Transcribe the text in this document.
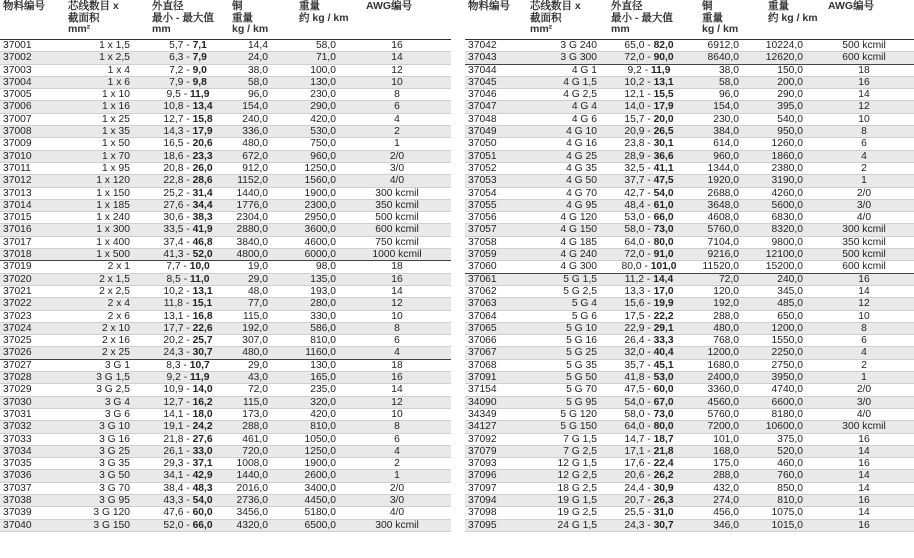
物料编号 芯线数目 x
截面积
mm²
外直径
最小 - 最大值
mm
铜
重量
kg / km
重量
约 kg / km
AWG编号
37001	1 x 1,5	5,7 - 7,1	14,4	58,0	16
37002	1 x 2,5	6,3 - 7,9	24,0	71,0	14
37003	1 x 4	7,2 - 9,0	38,0	100,0	12
37004	1 x 6	7,9 - 9,8	58,0	130,0	10
37005	1 x 10	9,5 - 11,9	96,0	230,0	8
37006	1 x 16	10,8 - 13,4	154,0	290,0	6
37007	1 x 25	12,7 - 15,8	240,0	420,0	4
37008	1 x 35	14,3 - 17,9	336,0	530,0	2
37009	1 x 50	16,5 - 20,6	480,0	750,0	1
37010	1 x 70	18,6 - 23,3	672,0	960,0	2/0
37011	1 x 95	20,8 - 26,0	912,0	1250,0	3/0
37012	1 x 120	22,8 - 28,6	1152,0	1560,0	4/0
37013	1 x 150	25,2 - 31,4	1440,0	1900,0	300 kcmil
37014	1 x 185	27,6 - 34,4	1776,0	2300,0	350 kcmil
37015	1 x 240	30,6 - 38,3	2304,0	2950,0	500 kcmil
37016	1 x 300	33,5 - 41,9	2880,0	3600,0	600 kcmil
37017	1 x 400	37,4 - 46,8	3840,0	4600,0	750 kcmil
37018	1 x 500	41,3 - 52,0	4800,0	6000,0	1000 kcmil
37019	2 x 1	7,7 - 10,0	19,0	98,0	18
37020	2 x 1,5	8,5 - 11,0	29,0	135,0	16
37021	2 x 2,5	10,2 - 13,1	48,0	193,0	14
37022	2 x 4	11,8 - 15,1	77,0	280,0	12
37023	2 x 6	13,1 - 16,8	115,0	330,0	10
37024	2 x 10	17,7 - 22,6	192,0	586,0	8
37025	2 x 16	20,2 - 25,7	307,0	810,0	6
37026	2 x 25	24,3 - 30,7	480,0	1160,0	4
37027	3 G 1	8,3 - 10,7	29,0	130,0	18
37028	3 G 1,5	9,2 - 11,9	43,0	165,0	16
37029	3 G 2,5	10,9 - 14,0	72,0	235,0	14
37030	3 G 4	12,7 - 16,2	115,0	320,0	12
37031	3 G 6	14,1 - 18,0	173,0	420,0	10
37032	3 G 10	19,1 - 24,2	288,0	810,0	8
37033	3 G 16	21,8 - 27,6	461,0	1050,0	6
37034	3 G 25	26,1 - 33,0	720,0	1250,0	4
37035	3 G 35	29,3 - 37,1	1008,0	1900,0	2
37036	3 G 50	34,1 - 42,9	1440,0	2600,0	1
37037	3 G 70	38,4 - 48,3	2016,0	3400,0	2/0
37038	3 G 95	43,3 - 54,0	2736,0	4450,0	3/0
37039	3 G 120	47,6 - 60,0	3456,0	5180,0	4/0
37040	3 G 150	52,0 - 66,0	4320,0	6500,0	300 kcmil
物料编号 芯线数目 x
截面积
mm²
外直径
最小 - 最大值
mm
铜
重量
kg / km
重量
约 kg / km
AWG编号
37042	3 G 240	65,0 - 82,0	6912,0	10224,0	500 kcmil
37043	3 G 300	72,0 - 90,0	8640,0	12620,0	600 kcmil
37044	4 G 1	9,2 - 11,9	38,0	150,0	18
37045	4 G 1,5	10,2 - 13,1	58,0	200,0	16
37046	4 G 2,5	12,1 - 15,5	96,0	290,0	14
37047	4 G 4	14,0 - 17,9	154,0	395,0	12
37048	4 G 6	15,7 - 20,0	230,0	540,0	10
37049	4 G 10	20,9 - 26,5	384,0	950,0	8
37050	4 G 16	23,8 - 30,1	614,0	1260,0	6
37051	4 G 25	28,9 - 36,6	960,0	1860,0	4
37052	4 G 35	32,5 - 41,1	1344,0	2380,0	2
37053	4 G 50	37,7 - 47,5	1920,0	3190,0	1
37054	4 G 70	42,7 - 54,0	2688,0	4260,0	2/0
37055	4 G 95	48,4 - 61,0	3648,0	5600,0	3/0
37056	4 G 120	53,0 - 66,0	4608,0	6830,0	4/0
37057	4 G 150	58,0 - 73,0	5760,0	8320,0	300 kcmil
37058	4 G 185	64,0 - 80,0	7104,0	9800,0	350 kcmil
37059	4 G 240	72,0 - 91,0	9216,0	12100,0	500 kcmil
37060	4 G 300	80,0 - 101,0	11520,0	15200,0	600 kcmil
37061	5 G 1,5	11,2 - 14,4	72,0	240,0	16
37062	5 G 2,5	13,3 - 17,0	120,0	345,0	14
37063	5 G 4	15,6 - 19,9	192,0	485,0	12
37064	5 G 6	17,5 - 22,2	288,0	650,0	10
37065	5 G 10	22,9 - 29,1	480,0	1200,0	8
37066	5 G 16	26,4 - 33,3	768,0	1550,0	6
37067	5 G 25	32,0 - 40,4	1200,0	2250,0	4
37068	5 G 35	35,7 - 45,1	1680,0	2750,0	2
37091	5 G 50	41,8 - 53,0	2400,0	3950,0	1
37154	5 G 70	47,5 - 60,0	3360,0	4740,0	2/0
34090	5 G 95	54,0 - 67,0	4560,0	6600,0	3/0
34349	5 G 120	58,0 - 73,0	5760,0	8180,0	4/0
34127	5 G 150	64,0 - 80,0	7200,0	10600,0	300 kcmil
37092	7 G 1,5	14,7 - 18,7	101,0	375,0	16
37079	7 G 2,5	17,1 - 21,8	168,0	520,0	14
37093	12 G 1,5	17,6 - 22,4	175,0	460,0	16
37096	12 G 2,5	20,6 - 26,2	288,0	760,0	14
37097	18 G 2,5	24,4 - 30,9	432,0	850,0	14
37094	19 G 1,5	20,7 - 26,3	274,0	810,0	16
37098	19 G 2,5	25,5 - 31,0	456,0	1075,0	14
37095	24 G 1,5	24,3 - 30,7	346,0	1015,0	16
